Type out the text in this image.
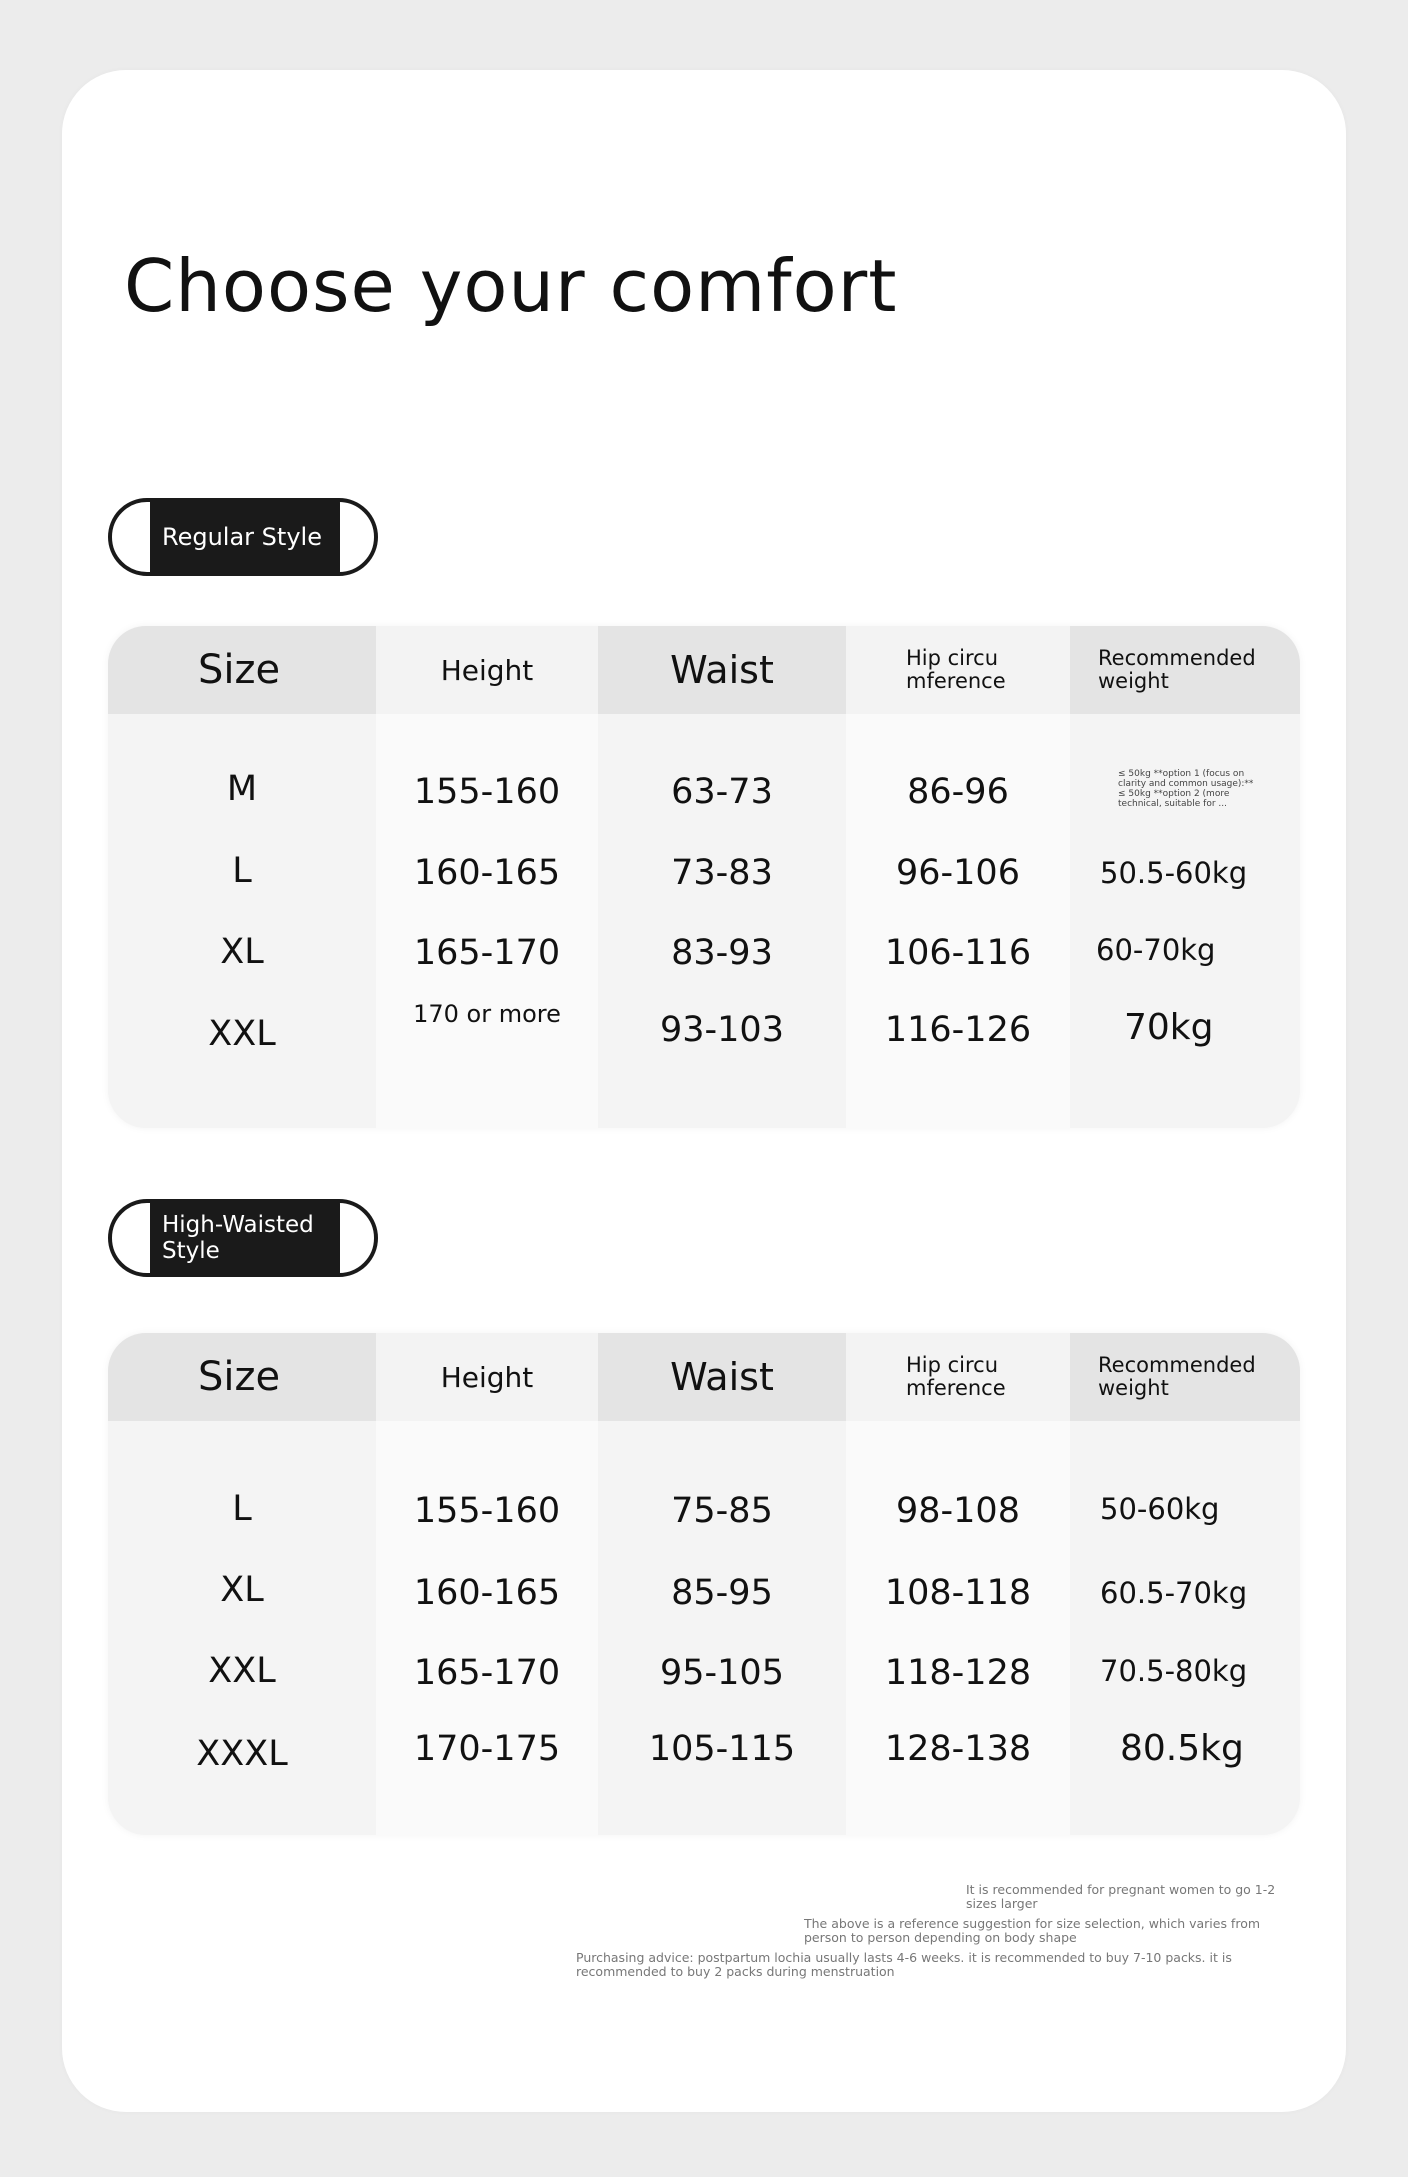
Choose your comfort
Regular Style
Size
M
L
XL
XXL
Height
155-160
160-165
165-170
170 or more
Waist
63-73
73-83
83-93
93-103
Hip circu mference
86-96
96-106
106-116
116-126
Recommended weight
≤ 50kg **option 1 (focus on clarity and common usage):** ≤ 50kg **option 2 (more technical, suitable for ...
50.5-60kg
60-70kg
70kg
High-Waisted Style
Size
L
XL
XXL
XXXL
Height
155-160
160-165
165-170
170-175
Waist
75-85
85-95
95-105
105-115
Hip circu mference
98-108
108-118
118-128
128-138
Recommended weight
50-60kg
60.5-70kg
70.5-80kg
80.5kg

It is recommended for pregnant women to go 1-2 sizes larger

The above is a reference suggestion for size selection, which varies from person to person depending on body shape

Purchasing advice: postpartum lochia usually lasts 4-6 weeks. it is recommended to buy 7-10 packs. it is recommended to buy 2 packs during menstruation
